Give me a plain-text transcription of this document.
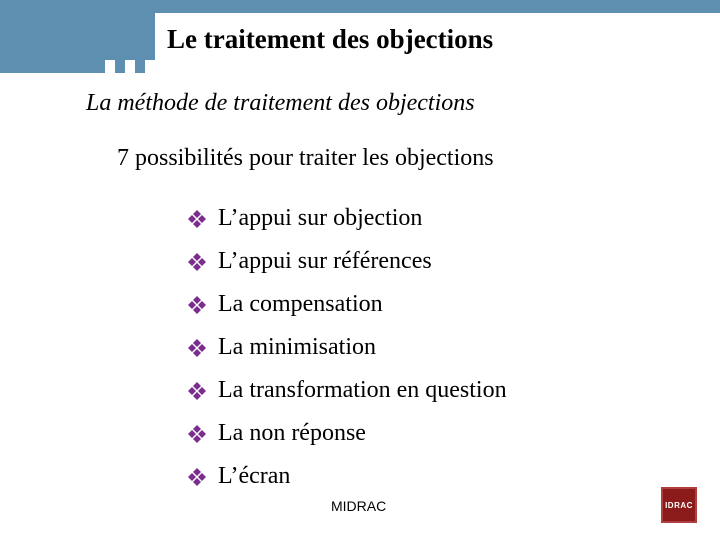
Le traitement des objections
La méthode de traitement des objections
7 possibilités pour traiter les objections
L’appui sur objection
L’appui sur références
La compensation
La minimisation
La transformation en question
La non réponse
L’écran
MIDRAC	IDRAC
